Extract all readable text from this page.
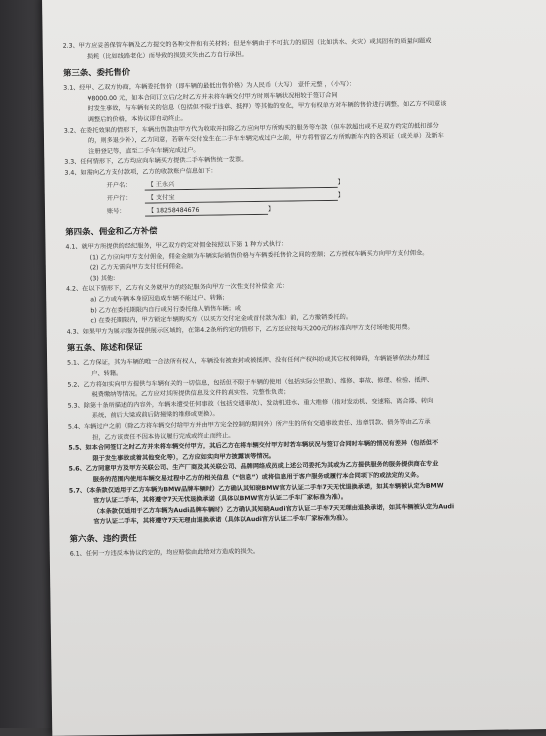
2.3、甲方应妥善保管车辆及乙方提交的各种文件和有关材料；但是车辆由于不可抗力的原因（比如洪水、火灾）或其固有的质量问题或
损耗（比如线路老化）而导致的损毁灭失由乙方自行承担。
第三条、委托售价
3.1、经甲、乙双方协商，车辆委托售价（即车辆的最低出售价格）为人民币（大写） 壹仟元整 ，（小写）：
¥8000.00 元，如本合同订立后/之时乙方并未将车辆交付甲方时则车辆状况相较于签订合同
时发生事故，与车辆有关的信息（包括但不限于违章、抵押）等其他的变化，甲方有权单方对车辆的售价进行调整，如乙方不同意该
调整后的价格，本协议即自动终止。
3.2、在委托效果的情形下，车辆出售款由甲方代为收取并扣除乙方应向甲方所购买的服务等车款（但车款超出或不足双方约定的抵扣部分
的，则多退少补），乙方同意，若新车交付发生在二手车车辆完成过户之前，甲方将暂留乙方所购新车内的各项证（或关单）及新车
注册登记等，直至二手车车辆完成过户。
3.3、任何情形下，乙方均应向车辆买方提供二手车辆售统一发票。
3.4、如需向乙方支付款项，乙方的收款账户信息如下：
开户名：	【 王永兴	】
开户行：	【 支付宝	】
账号：	【 18258484676	】
第四条、佣金和乙方补偿
4.1、就甲方所提供的经纪服务，甲乙双方约定对佣金按照以下第 1 种方式执行：
(1) 乙方应向甲方支付佣金，佣金金额为车辆实际销售价格与车辆委托售价之间的差额；乙方授权车辆买方向甲方支付佣金。
(2) 乙方无需向甲方支付任何佣金。
(3) 其他:
4.2、在以下情形下，乙方有义务就甲方的经纪服务向甲方一次性支付补偿金 元：
a) 乙方或车辆本身原因造成车辆不能过户、转籍；
b) 乙方在委托期限内自行或另行委托他人销售车辆；或
c) 在委托期限内，甲方锁定车辆购买方（以买方交付定金或首付款为准）前，乙方撤销委托的。
4.3、如果甲方为展示服务提供展示区域的，在第4.2条所约定的情形下，乙方还应按每天200元的标准向甲方支付场地使用费。
第五条、陈述和保证
5.1、乙方保证，其为车辆的唯一合法所有权人，车辆没有被查封或被抵押、没有任何产权纠纷或其它权利障碍，车辆能够依法办理过
户、转籍。
5.2、乙方将如实向甲方提供与车辆有关的一切信息，包括但不限于车辆的使用（包括实际公里数）、维修、事故、修理、检验、抵押、
税费缴纳等情况。乙方应对其所提供信息及文件的真实性、完整性负责；
5.3、除第十条所描述的内容外，车辆未遭受任何事故（包括交通事故）、发动机进水、重大维修（指对发动机、变速箱、离合器、转向
系统、前后大梁或前后防撞梁的维修或更换）。
5.4、车辆过户之前（除乙方将车辆交付给甲方并由甲方完全控制的期间外）所产生的所有交通事故责任、违章罚款、债务等由乙方承
担，乙方该责任不因本协议履行完成或终止而终止。
5.5、如本合同签订之时乙方并未将车辆交付甲方，其后乙方在将车辆交付甲方时若车辆状况与签订合同时车辆的情况有差异（包括但不
限于发生事故或着其他变化等），乙方应如实向甲方披露该等情况。
5.6、乙方同意甲方及甲方关联公司、生产厂商及其关联公司、品牌网络成员或上述公司委托为其或为乙方提供服务的服务提供商在专业
服务的范围内使用车辆交易过程中乙方的相关信息（“信息”）或将信息用于客户服务或履行本合同项下的或法定的义务。
5.7、（本条款仅适用于乙方车辆为BMW品牌车辆时）乙方确认其知晓BMW官方认证二手车7天无忧退换承诺，如其车辆被认定为BMW
官方认证二手车，其将遵守7天无忧退换承诺（具体以BMW官方认证二手车厂家标准为准）。
（本条款仅适用于乙方车辆为Audi品牌车辆时）乙方确认其知晓Audi官方认证二手车7天无理由退换承诺，如其车辆被认定为Audi
官方认证二手车，其将遵守7天无理由退换承诺（具体以Audi官方认证二手车厂家标准为准）。
第六条、违约责任
6.1、任何一方违反本协议约定的，均应赔偿由此给对方造成的损失。
